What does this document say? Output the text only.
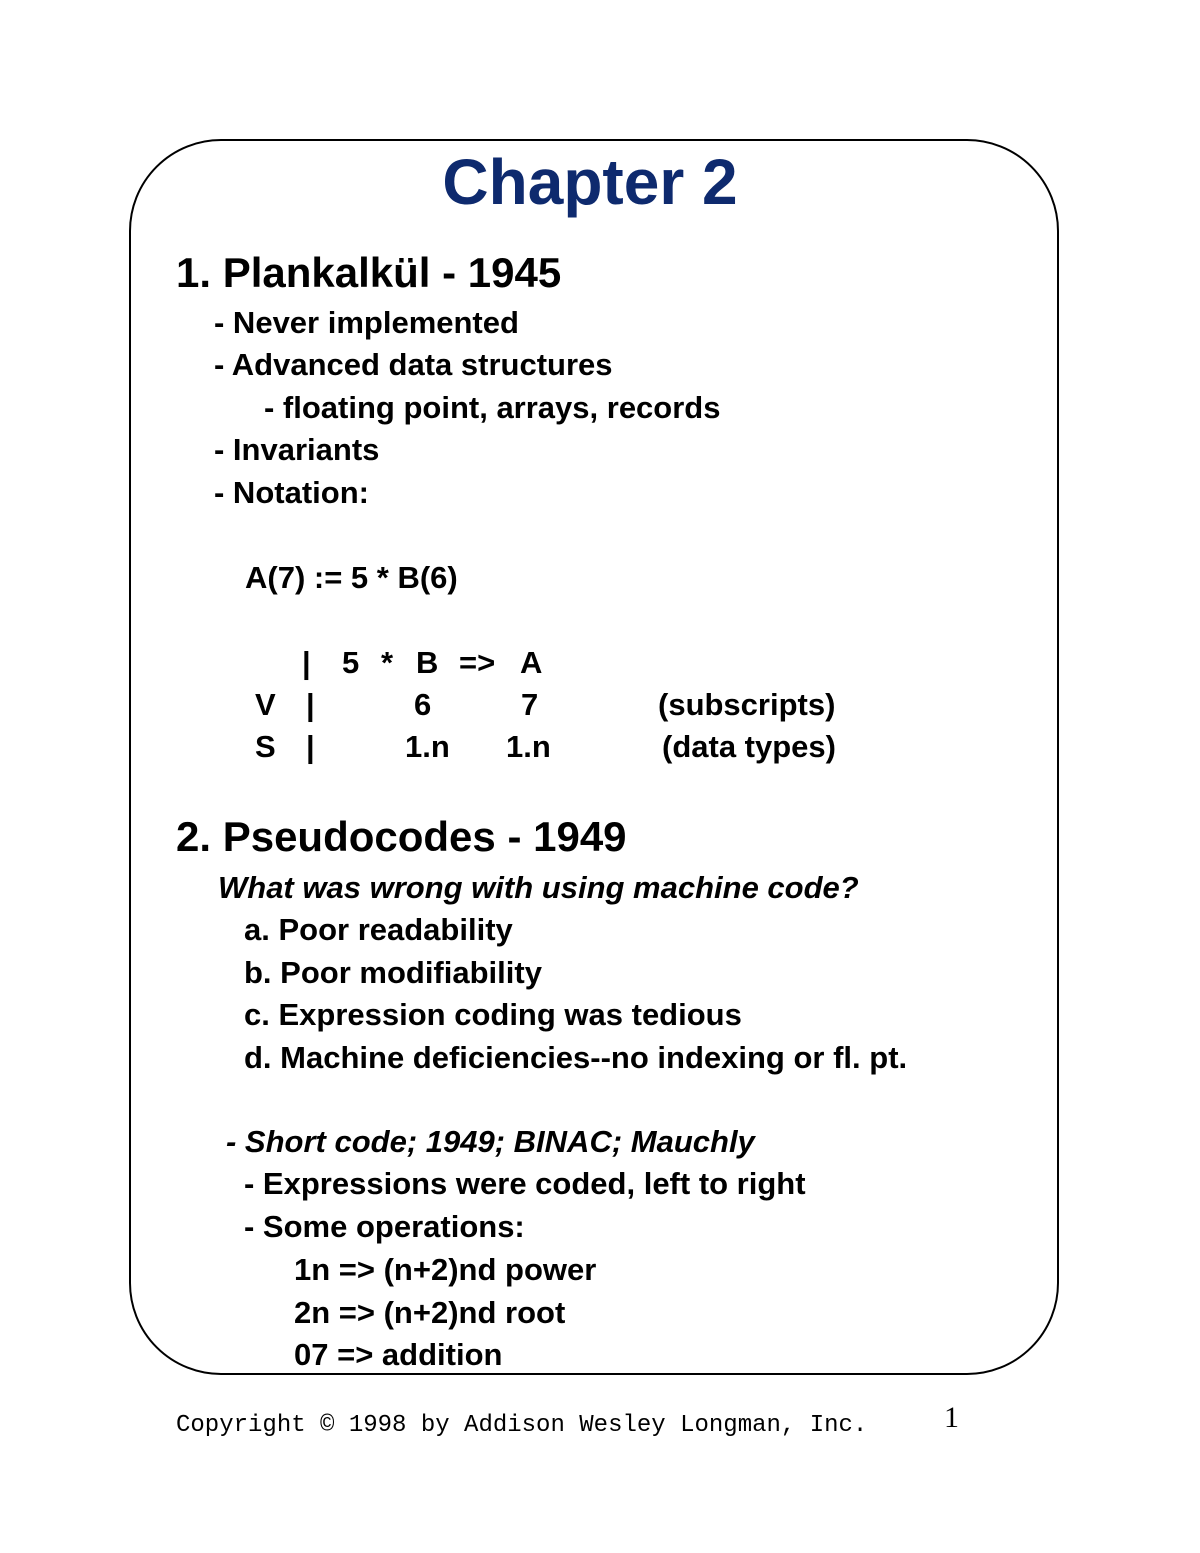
Chapter 2
1. Plankalkül - 1945
- Never implemented
- Advanced data structures
- floating point, arrays, records
- Invariants
- Notation:
A(7) := 5 * B(6)
| 5 * B => A
V |	6	7	(subscripts)
S |	1.n 1.n	(data types)
2. Pseudocodes - 1949
What was wrong with using machine code?
a. Poor readability
b. Poor modifiability
c. Expression coding was tedious
d. Machine deficiencies--no indexing or fl. pt.
- Short code; 1949; BINAC; Mauchly
- Expressions were coded, left to right
- Some operations:
1n => (n+2)nd power
2n => (n+2)nd root
07 => addition
Copyright © 1998 by Addison Wesley Longman, Inc.	1
